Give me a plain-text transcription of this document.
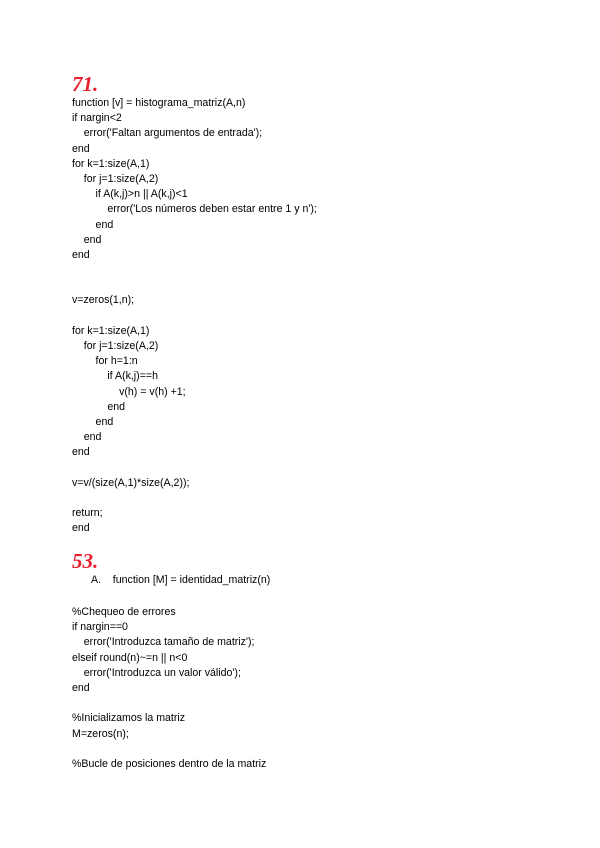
71.
function [v] = histograma_matriz(A,n)
if nargin<2
error('Faltan argumentos de entrada');
end
for k=1:size(A,1)
for j=1:size(A,2)
if A(k,j)>n || A(k,j)<1
error('Los números deben estar entre 1 y n');
end
end
end
v=zeros(1,n);
for k=1:size(A,1)
for j=1:size(A,2)
for h=1:n
if A(k,j)==h
v(h) = v(h) +1;
end
end
end
end
v=v/(size(A,1)*size(A,2));
return;
end
53.
A. function [M] = identidad_matriz(n)
%Chequeo de errores
if nargin==0
error('Introduzca tamaño de matriz');
elseif round(n)~=n || n<0
error('Introduzca un valor válido');
end
%Inicializamos la matriz
M=zeros(n);
%Bucle de posiciones dentro de la matriz
